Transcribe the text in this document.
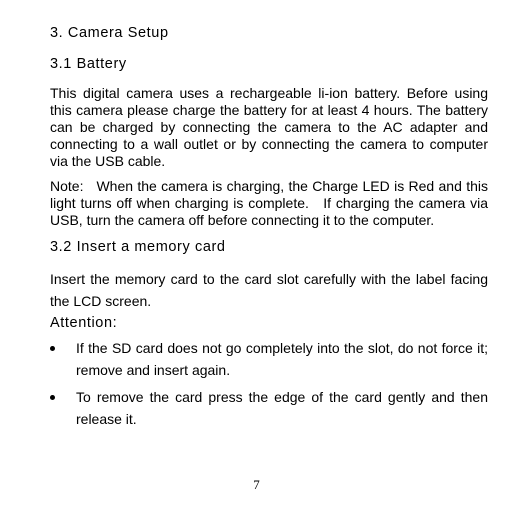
3. Camera Setup
3.1 Battery

This digital camera uses a rechargeable li-ion battery. Before using this camera please charge the battery for at least 4 hours. The battery can be charged by connecting the camera to the AC adapter and connecting to a wall outlet or by connecting the camera to computer via the USB cable.

Note:   When the camera is charging, the Charge LED is Red and this light turns off when charging is complete.   If charging the camera via USB, turn the camera off before connecting it to the computer.

3.2 Insert a memory card

Insert the memory card to the card slot carefully with the label facing the LCD screen.

Attention:
If the SD card does not go completely into the slot, do not force it; remove and insert again.
To remove the card press the edge of the card gently and then release it.
7
